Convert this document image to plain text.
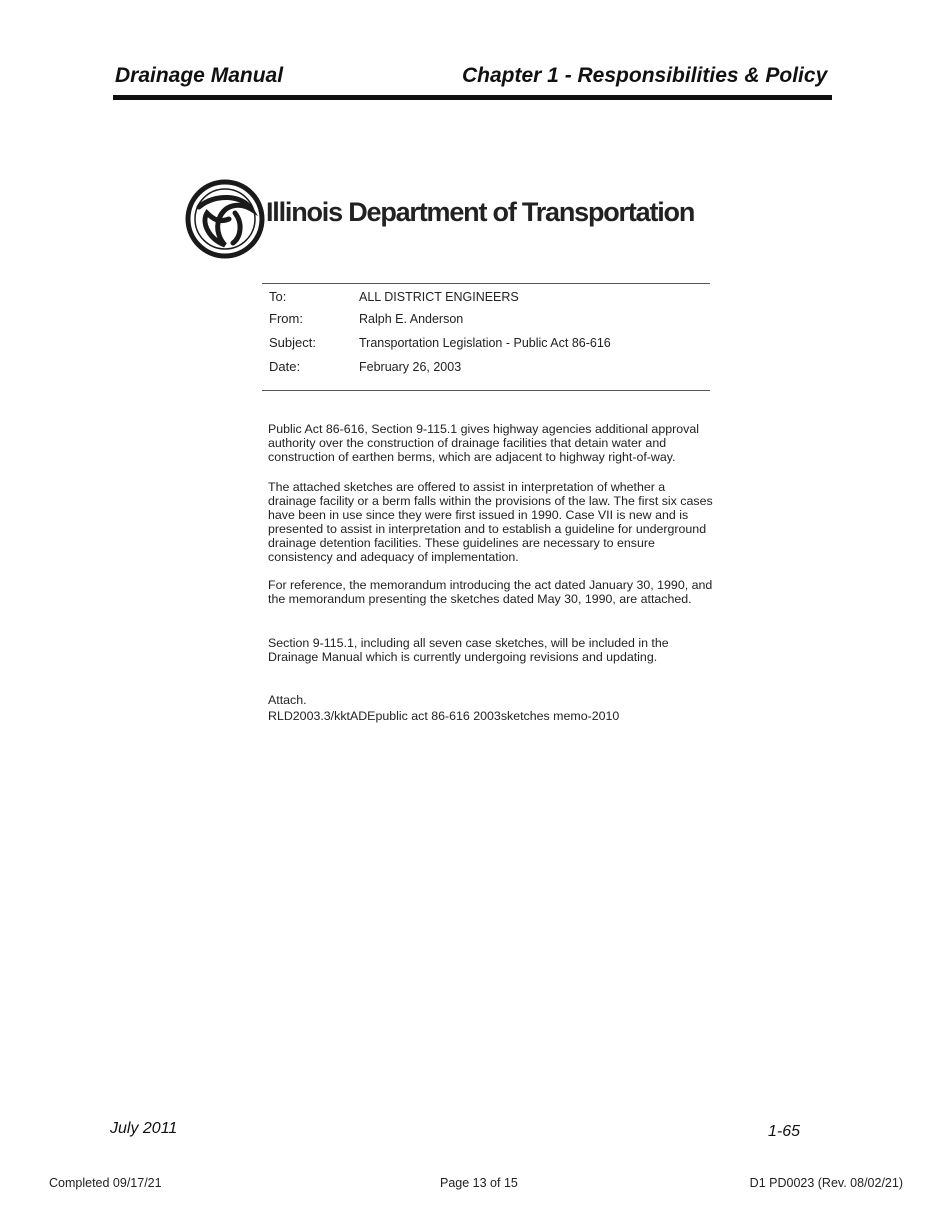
Drainage Manual	Chapter 1 - Responsibilities & Policy
Illinois Department of Transportation
To:	ALL DISTRICT ENGINEERS
From:	Ralph E. Anderson
Subject:	Transportation Legislation - Public Act 86-616
Date:	February 26, 2003

Public Act 86-616, Section 9-115.1 gives highway agencies additional approval authority over the construction of drainage facilities that detain water and construction of earthen berms, which are adjacent to highway right-of-way.

The attached sketches are offered to assist in interpretation of whether a drainage facility or a berm falls within the provisions of the law. The first six cases have been in use since they were first issued in 1990. Case VII is new and is presented to assist in interpretation and to establish a guideline for underground drainage detention facilities. These guidelines are necessary to ensure consistency and adequacy of implementation.

For reference, the memorandum introducing the act dated January 30, 1990, and the memorandum presenting the sketches dated May 30, 1990, are attached.

Section 9-115.1, including all seven case sketches, will be included in the Drainage Manual which is currently undergoing revisions and updating.

Attach.

RLD2003.3/kktADEpublic act 86-616 2003sketches memo-2010

July 2011	1-65
Completed 09/17/21	Page 13 of 15	D1 PD0023 (Rev. 08/02/21)
